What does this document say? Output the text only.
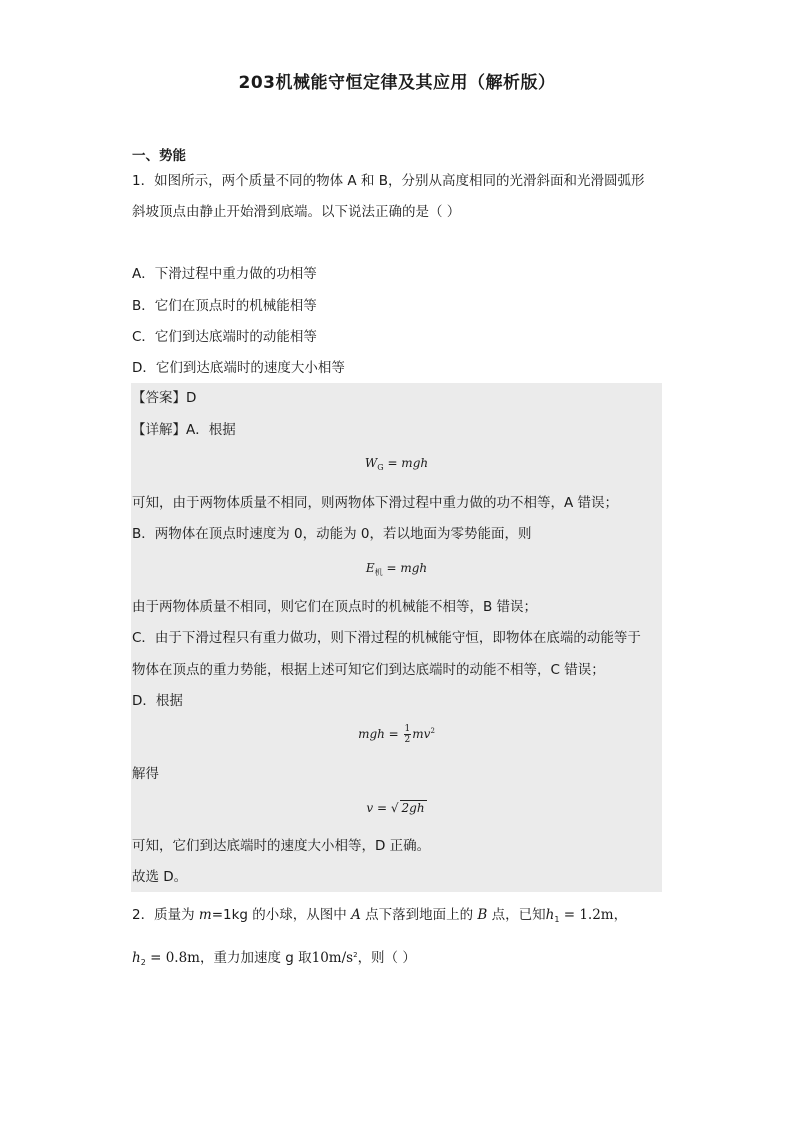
203机械能守恒定律及其应用（解析版）
一、势能
1．如图所示，两个质量不同的物体 A 和 B，分别从高度相同的光滑斜面和光滑圆弧形
斜坡顶点由静止开始滑到底端。以下说法正确的是（ ）
A．下滑过程中重力做的功相等
B．它们在顶点时的机械能相等
C．它们到达底端时的动能相等
D．它们到达底端时的速度大小相等
【答案】D
【详解】A．根据
$W_G$ = mgh
可知，由于两物体质量不相同，则两物体下滑过程中重力做的功不相等，A 错误；
B．两物体在顶点时速度为 0，动能为 0，若以地面为零势能面，则
$E_机$ = mgh
由于两物体质量不相同，则它们在顶点时的机械能不相等，B 错误；
C．由于下滑过程只有重力做功，则下滑过程的机械能守恒，即物体在底端的动能等于
物体在顶点的重力势能，根据上述可知它们到达底端时的动能不相等，C 错误；
D．根据
mgh = $\frac{1}{2} mv^2$
解得
v = √ 2gh
可知，它们到达底端时的速度大小相等，D 正确。
故选 D。
2．质量为 m=1kg 的小球，从图中 A 点下落到地面上的 B 点，已知$h_1 = 1.2m$，
$h_2 = 0.8m$，重力加速度 g 取$10m/s^2$，则（ ）
